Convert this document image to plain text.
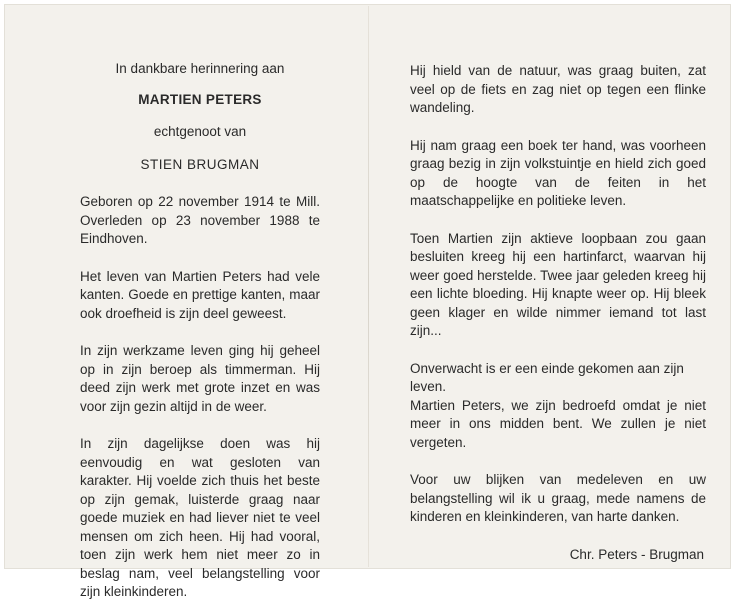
In dankbare herinnering aan

MARTIEN PETERS

echtgenoot van

STIEN BRUGMAN

Geboren op 22 november 1914 te Mill. Overleden op 23 november 1988 te Eindhoven.

Het leven van Martien Peters had vele kanten. Goede en prettige kanten, maar ook droefheid is zijn deel geweest.

In zijn werkzame leven ging hij geheel op in zijn beroep als timmerman. Hij deed zijn werk met grote inzet en was voor zijn gezin altijd in de weer.

In zijn dagelijkse doen was hij eenvoudig en wat gesloten van karakter. Hij voelde zich thuis het beste op zijn gemak, luisterde graag naar goede muziek en had liever niet te veel mensen om zich heen. Hij had vooral, toen zijn werk hem niet meer zo in beslag nam, veel belangstelling voor zijn kleinkinderen.

Hij hield van de natuur, was graag buiten, zat veel op de fiets en zag niet op tegen een flinke wandeling.

Hij nam graag een boek ter hand, was voorheen graag bezig in zijn volkstuintje en hield zich goed op de hoogte van de feiten in het maatschappelijke en politieke leven.

Toen Martien zijn aktieve loopbaan zou gaan besluiten kreeg hij een hartinfarct, waarvan hij weer goed herstelde. Twee jaar geleden kreeg hij een lichte bloeding. Hij knapte weer op. Hij bleek geen klager en wilde nimmer iemand tot last zijn...

Onverwacht is er een einde gekomen aan zijn leven.

Martien Peters, we zijn bedroefd omdat je niet meer in ons midden bent. We zullen je niet vergeten.

Voor uw blijken van medeleven en uw belangstelling wil ik u graag, mede namens de kinderen en kleinkinderen, van harte danken.

Chr. Peters - Brugman
